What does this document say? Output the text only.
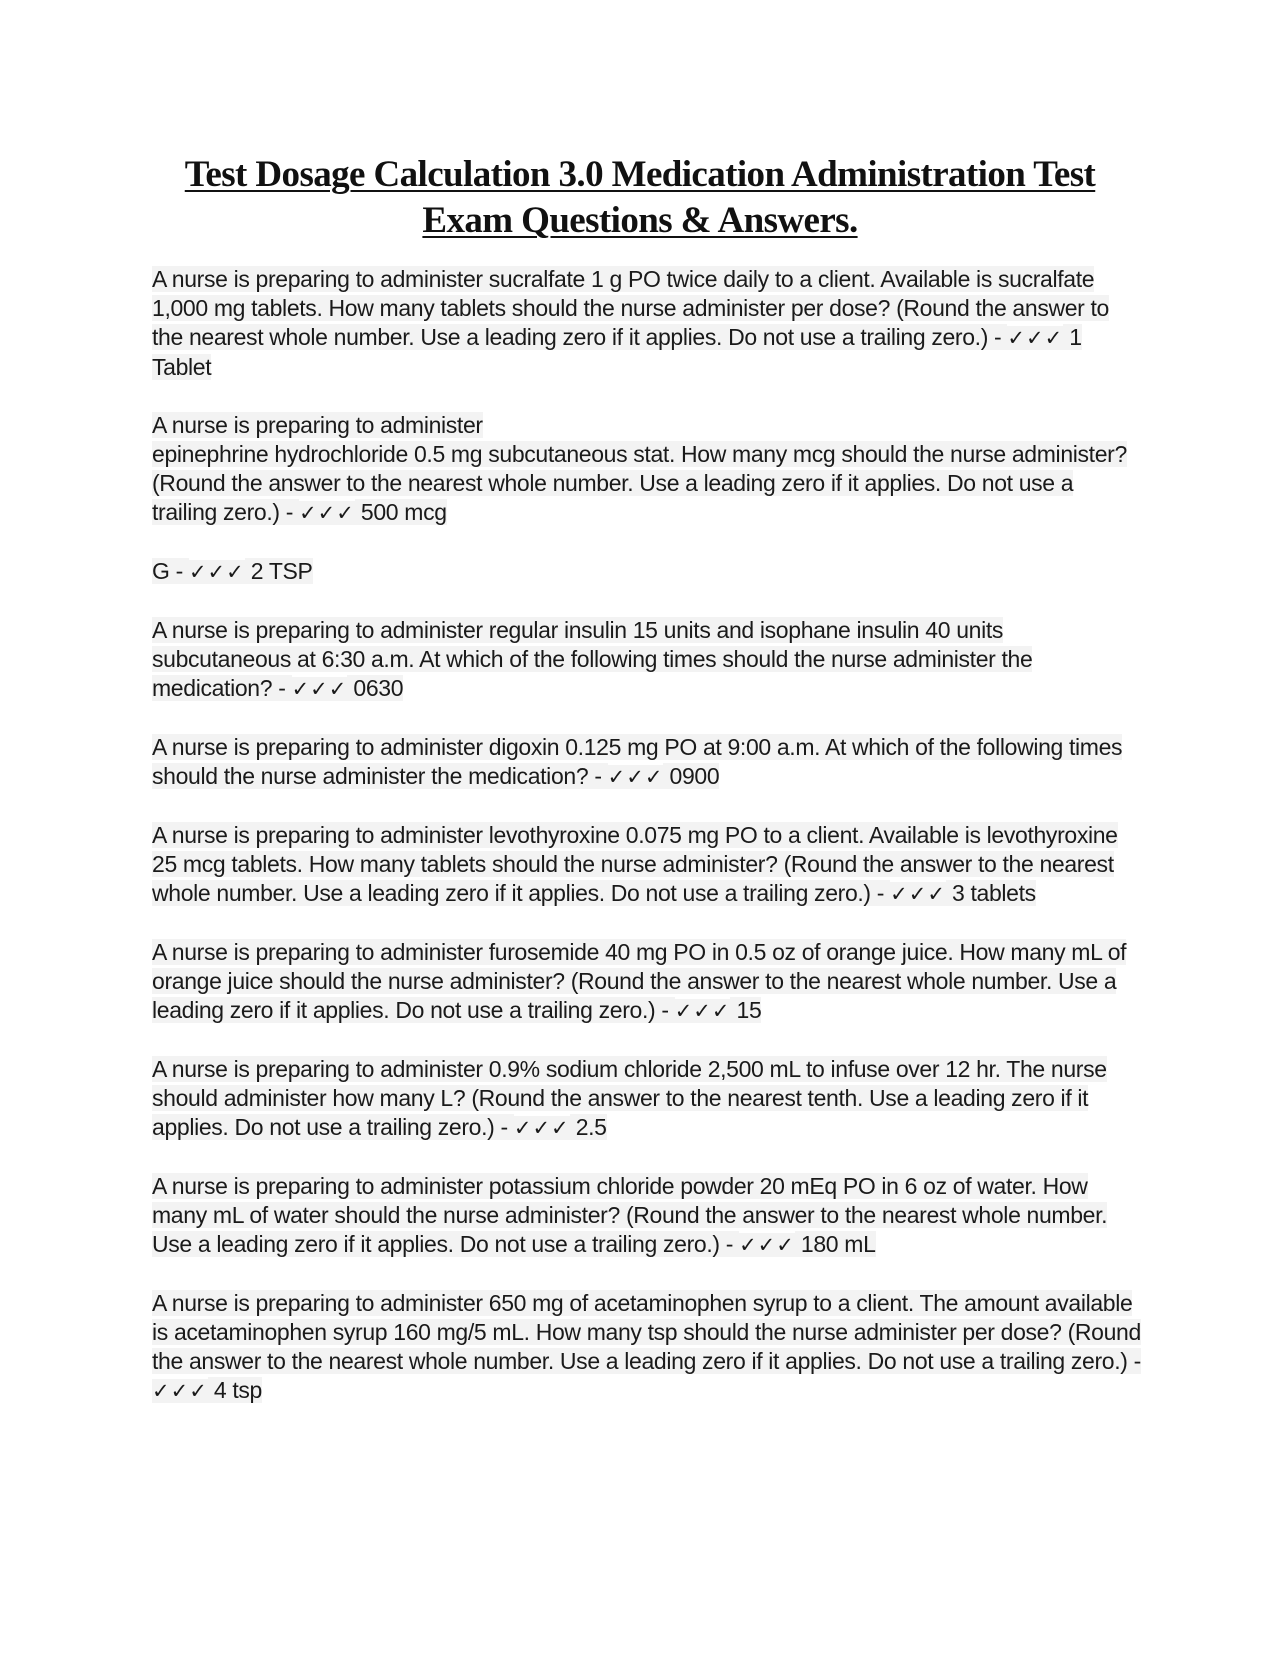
Test Dosage Calculation 3.0 Medication Administration Test
Exam Questions & Answers.

A nurse is preparing to administer sucralfate 1 g PO twice daily to a client. Available is sucralfate 1,000 mg tablets. How many tablets should the nurse administer per dose? (Round the answer to the nearest whole number. Use a leading zero if it applies. Do not use a trailing zero.) - ✓✓✓ 1 Tablet

A nurse is preparing to administer
epinephrine hydrochloride 0.5 mg subcutaneous stat. How many mcg should the nurse administer? (Round the answer to the nearest whole number. Use a leading zero if it applies. Do not use a trailing zero.) - ✓✓✓ 500 mcg

G - ✓✓✓ 2 TSP

A nurse is preparing to administer regular insulin 15 units and isophane insulin 40 units subcutaneous at 6:30 a.m. At which of the following times should the nurse administer the medication? - ✓✓✓ 0630

A nurse is preparing to administer digoxin 0.125 mg PO at 9:00 a.m. At which of the following times should the nurse administer the medication? - ✓✓✓ 0900

A nurse is preparing to administer levothyroxine 0.075 mg PO to a client. Available is levothyroxine 25 mcg tablets. How many tablets should the nurse administer? (Round the answer to the nearest whole number. Use a leading zero if it applies. Do not use a trailing zero.) - ✓✓✓ 3 tablets

A nurse is preparing to administer furosemide 40 mg PO in 0.5 oz of orange juice. How many mL of orange juice should the nurse administer? (Round the answer to the nearest whole number. Use a leading zero if it applies. Do not use a trailing zero.) - ✓✓✓ 15

A nurse is preparing to administer 0.9% sodium chloride 2,500 mL to infuse over 12 hr. The nurse should administer how many L? (Round the answer to the nearest tenth. Use a leading zero if it applies. Do not use a trailing zero.) - ✓✓✓ 2.5

A nurse is preparing to administer potassium chloride powder 20 mEq PO in 6 oz of water. How many mL of water should the nurse administer? (Round the answer to the nearest whole number. Use a leading zero if it applies. Do not use a trailing zero.) - ✓✓✓ 180 mL

A nurse is preparing to administer 650 mg of acetaminophen syrup to a client. The amount available is acetaminophen syrup 160 mg/5 mL. How many tsp should the nurse administer per dose? (Round the answer to the nearest whole number. Use a leading zero if it applies. Do not use a trailing zero.) - ✓✓✓ 4 tsp
